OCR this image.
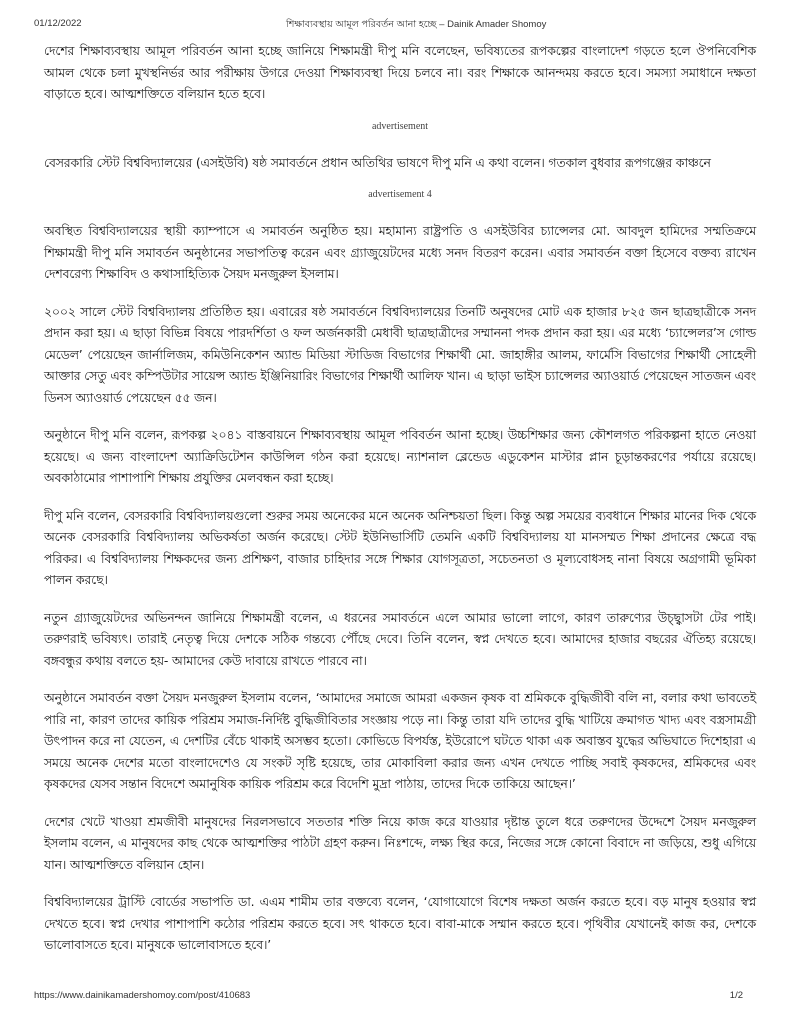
01/12/2022	শিক্ষাব্যবস্থায় আমূল পরিবর্তন আনা হচ্ছে – Dainik Amader Shomoy

দেশের শিক্ষাব্যবস্থায় আমূল পরিবর্তন আনা হচ্ছে জানিয়ে শিক্ষামন্ত্রী দীপু মনি বলেছেন, ভবিষ্যতের রূপকল্পের বাংলাদেশ গড়তে হলে ঔপনিবেশিক আমল থেকে চলা মুখস্থনির্ভর আর পরীক্ষায় উগরে দেওয়া শিক্ষাব্যবস্থা দিয়ে চলবে না। বরং শিক্ষাকে আনন্দময় করতে হবে। সমস্যা সমাধানে দক্ষতা বাড়াতে হবে। আত্মশক্তিতে বলিয়ান হতে হবে।

advertisement

বেসরকারি স্টেট বিশ্ববিদ্যালয়ের (এসইউবি) ষষ্ঠ সমাবর্তনে প্রধান অতিথির ভাষণে দীপু মনি এ কথা বলেন। গতকাল বুধবার রূপগঞ্জের কাঞ্চনে

advertisement 4

অবস্থিত বিশ্ববিদ্যালয়ের স্থায়ী ক্যাম্পাসে এ সমাবর্তন অনুষ্ঠিত হয়। মহামান্য রাষ্ট্রপতি ও এসইউবির চ্যান্সেলর মো. আবদুল হামিদের সম্মতিক্রমে শিক্ষামন্ত্রী দীপু মনি সমাবর্তন অনুষ্ঠানের সভাপতিত্ব করেন এবং গ্র্যাজুয়েটদের মধ্যে সনদ বিতরণ করেন। এবার সমাবর্তন বক্তা হিসেবে বক্তব্য রাখেন দেশবরেণ্য শিক্ষাবিদ ও কথাসাহিত্যিক সৈয়দ মনজুরুল ইসলাম।

২০০২ সালে স্টেট বিশ্ববিদ্যালয় প্রতিষ্ঠিত হয়। এবারের ষষ্ঠ সমাবর্তনে বিশ্ববিদ্যালয়ের তিনটি অনুষদের মোট এক হাজার ৮২৫ জন ছাত্রছাত্রীকে সনদ প্রদান করা হয়। এ ছাড়া বিভিন্ন বিষয়ে পারদর্শিতা ও ফল অর্জনকারী মেধাবী ছাত্রছাত্রীদের সম্মাননা পদক প্রদান করা হয়। এর মধ্যে ‘চ্যান্সেলর’স গোল্ড মেডেল’ পেয়েছেন জার্নালিজম, কমিউনিকেশন অ্যান্ড মিডিয়া স্টাডিজ বিভাগের শিক্ষার্থী মো. জাহাঙ্গীর আলম, ফার্মেসি বিভাগের শিক্ষার্থী সোহেলী আক্তার সেতু এবং কম্পিউটার সায়েন্স অ্যান্ড ইঞ্জিনিয়ারিং বিভাগের শিক্ষার্থী আলিফ খান। এ ছাড়া ভাইস চ্যান্সেলর অ্যাওয়ার্ড পেয়েছেন সাতজন এবং ডিনস অ্যাওয়ার্ড পেয়েছেন ৫৫ জন।

অনুষ্ঠানে দীপু মনি বলেন, রূপকল্প ২০৪১ বাস্তবায়নে শিক্ষাব্যবস্থায় আমূল পবিবর্তন আনা হচ্ছে। উচ্চশিক্ষার জন্য কৌশলগত পরিকল্পনা হাতে নেওয়া হয়েছে। এ জন্য বাংলাদেশ অ্যাক্রিডিটেশন কাউন্সিল গঠন করা হয়েছে। ন্যাশনাল ব্লেন্ডেড এডুকেশন মাস্টার প্লান চূড়ান্তকরণের পর্যায়ে রয়েছে। অবকাঠামোর পাশাপাশি শিক্ষায় প্রযুক্তির মেলবন্ধন করা হচ্ছে।

দীপু মনি বলেন, বেসরকারি বিশ্ববিদ্যালয়গুলো শুরুর সময় অনেকের মনে অনেক অনিশ্চয়তা ছিল। কিন্তু অল্প সময়ের ব্যবধানে শিক্ষার মানের দিক থেকে অনেক বেসরকারি বিশ্ববিদ্যালয় অভিকর্ষতা অর্জন করেছে। স্টেট ইউনিভার্সিটি তেমনি একটি বিশ্ববিদ্যালয় যা মানসম্মত শিক্ষা প্রদানের ক্ষেত্রে বদ্ধ পরিকর। এ বিশ্ববিদ্যালয় শিক্ষকদের জন্য প্রশিক্ষণ, বাজার চাহিদার সঙ্গে শিক্ষার যোগসূত্রতা, সচেতনতা ও মূল্যবোধসহ নানা বিষয়ে অগ্রগামী ভূমিকা পালন করছে।

নতুন গ্র্যাজুয়েটদের অভিনন্দন জানিয়ে শিক্ষামন্ত্রী বলেন, এ ধরনের সমাবর্তনে এলে আমার ভালো লাগে, কারণ তারুণ্যের উচ্ছ্বাসটা টের পাই। তরুণরাই ভবিষ্যৎ। তারাই নেতৃত্ব দিয়ে দেশকে সঠিক গন্তব্যে পৌঁছে দেবে। তিনি বলেন, স্বপ্ন দেখতে হবে। আমাদের হাজার বছরের ঐতিহ্য রয়েছে। বঙ্গবন্ধুর কথায় বলতে হয়- আমাদের কেউ দাবায়ে রাখতে পারবে না।

অনুষ্ঠানে সমাবর্তন বক্তা সৈয়দ মনজুরুল ইসলাম বলেন, ‘আমাদের সমাজে আমরা একজন কৃষক বা শ্রমিককে বুদ্ধিজীবী বলি না, বলার কথা ভাবতেই পারি না, কারণ তাদের কায়িক পরিশ্রম সমাজ-নির্দিষ্ট বুদ্ধিজীবিতার সংজ্ঞায় পড়ে না। কিন্তু তারা যদি তাদের বুদ্ধি খাটিয়ে ক্রমাগত খাদ্য এবং বস্ত্রসামগ্রী উৎপাদন করে না যেতেন, এ দেশটির বেঁচে থাকাই অসম্ভব হতো। কোভিডে বিপর্যস্ত, ইউরোপে ঘটতে থাকা এক অবাস্তব যুদ্ধের অভিঘাতে দিশেহারা এ সময়ে অনেক দেশের মতো বাংলাদেশেও যে সংকট সৃষ্টি হয়েছে, তার মোকাবিলা করার জন্য এখন দেখতে পাচ্ছি সবাই কৃষকদের, শ্রমিকদের এবং কৃষকদের যেসব সন্তান বিদেশে অমানুষিক কায়িক পরিশ্রম করে বিদেশি মুদ্রা পাঠায়, তাদের দিকে তাকিয়ে আছেন।’

দেশের খেটে খাওয়া শ্রমজীবী মানুষদের নিরলসভাবে সততার শক্তি নিয়ে কাজ করে যাওয়ার দৃষ্টান্ত তুলে ধরে তরুণদের উদ্দেশে সৈয়দ মনজুরুল ইসলাম বলেন, এ মানুষদের কাছ থেকে আত্মশক্তির পাঠটা গ্রহণ করুন। নিঃশব্দে, লক্ষ্য স্থির করে, নিজের সঙ্গে কোনো বিবাদে না জড়িয়ে, শুধু এগিয়ে যান। আত্মশক্তিতে বলিয়ান হোন।

বিশ্ববিদ্যালয়ের ট্রাস্টি বোর্ডের সভাপতি ডা. এএম শামীম তার বক্তব্যে বলেন, ‘যোগাযোগে বিশেষ দক্ষতা অর্জন করতে হবে। বড় মানুষ হওয়ার স্বপ্ন দেখতে হবে। স্বপ্ন দেখার পাশাপাশি কঠোর পরিশ্রম করতে হবে। সৎ থাকতে হবে। বাবা-মাকে সম্মান করতে হবে। পৃথিবীর যেখানেই কাজ কর, দেশকে ভালোবাসতে হবে। মানুষকে ভালোবাসতে হবে।’

https://www.dainikamadershomoy.com/post/410683	1/2
